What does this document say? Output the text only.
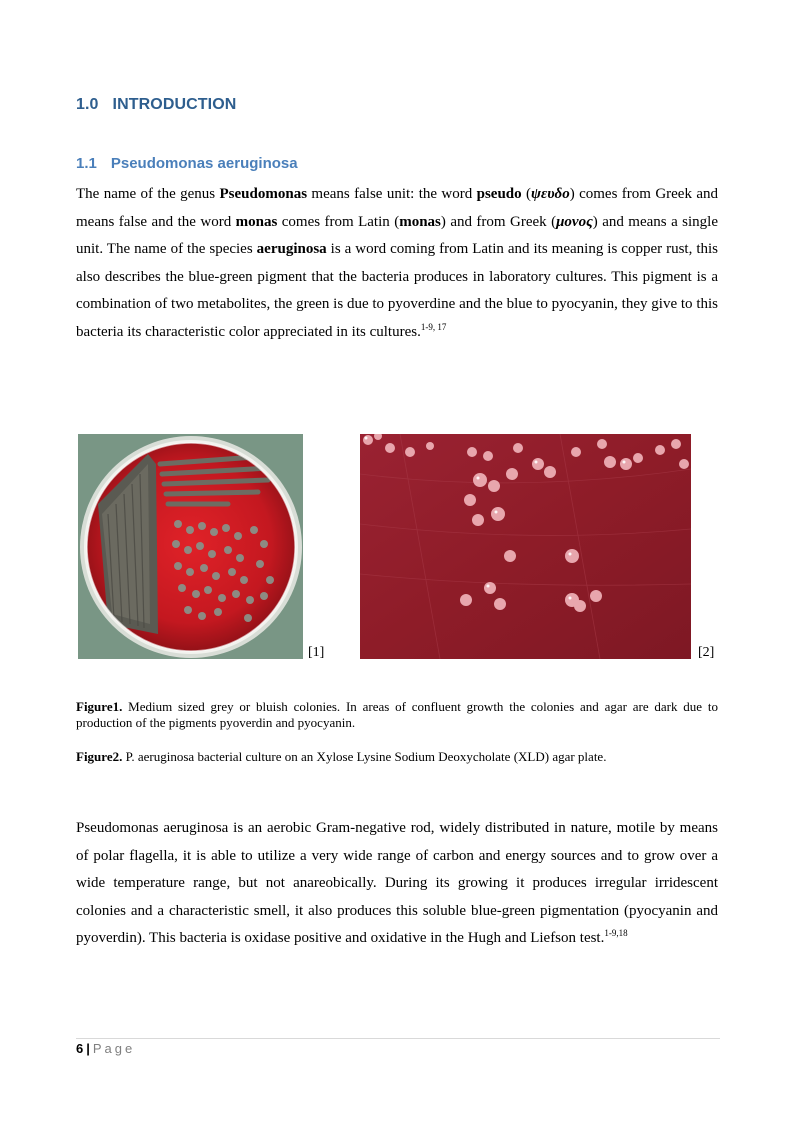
1.0 INTRODUCTION
1.1 Pseudomonas aeruginosa
The name of the genus Pseudomonas means false unit: the word pseudo (ψευδο) comes from Greek and means false and the word monas comes from Latin (monas) and from Greek (μονος) and means a single unit. The name of the species aeruginosa is a word coming from Latin and its meaning is copper rust, this also describes the blue-green pigment that the bacteria produces in laboratory cultures. This pigment is a combination of two metabolites, the green is due to pyoverdine and the blue to pyocyanin, they give to this bacteria its characteristic color appreciated in its cultures.$^{1-9, 17}$
[1]	[2]
Figure1. Medium sized grey or bluish colonies. In areas of confluent growth the colonies and agar are dark due to production of the pigments pyoverdin and pyocyanin.
Figure2. P. aeruginosa bacterial culture on an Xylose Lysine Sodium Deoxycholate (XLD) agar plate.
Pseudomonas aeruginosa is an aerobic Gram-negative rod, widely distributed in nature, motile by means of polar flagella, it is able to utilize a very wide range of carbon and energy sources and to grow over a wide temperature range, but not anareobically. During its growing it produces irregular irridescent colonies and a characteristic smell, it also produces this soluble blue-green pigmentation (pyocyanin and pyoverdin). This bacteria is oxidase positive and oxidative in the Hugh and Liefson test.$^{1-9,18}$
6 | Page
